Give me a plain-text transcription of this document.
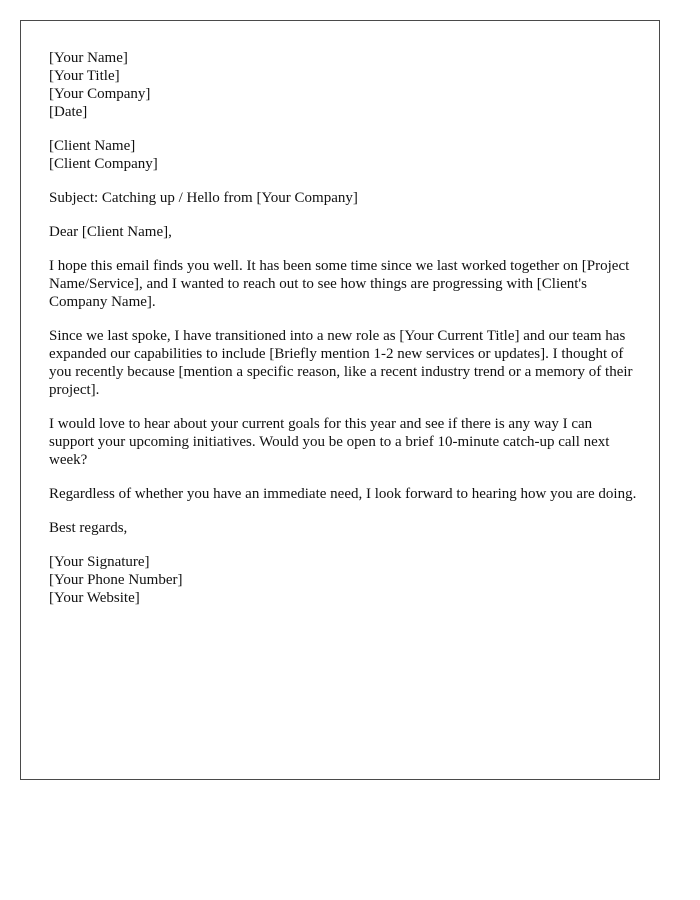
[Your Name]
[Your Title]
[Your Company]
[Date]
[Client Name]
[Client Company]

Subject: Catching up / Hello from [Your Company]

Dear [Client Name],

I hope this email finds you well. It has been some time since we last worked together on [Project Name/Service], and I wanted to reach out to see how things are progressing with [Client's Company Name].

Since we last spoke, I have transitioned into a new role as [Your Current Title] and our team has expanded our capabilities to include [Briefly mention 1-2 new services or updates]. I thought of you recently because [mention a specific reason, like a recent industry trend or a memory of their project].

I would love to hear about your current goals for this year and see if there is any way I can support your upcoming initiatives. Would you be open to a brief 10-minute catch-up call next week?

Regardless of whether you have an immediate need, I look forward to hearing how you are doing.

Best regards,

[Your Signature]
[Your Phone Number]
[Your Website]
